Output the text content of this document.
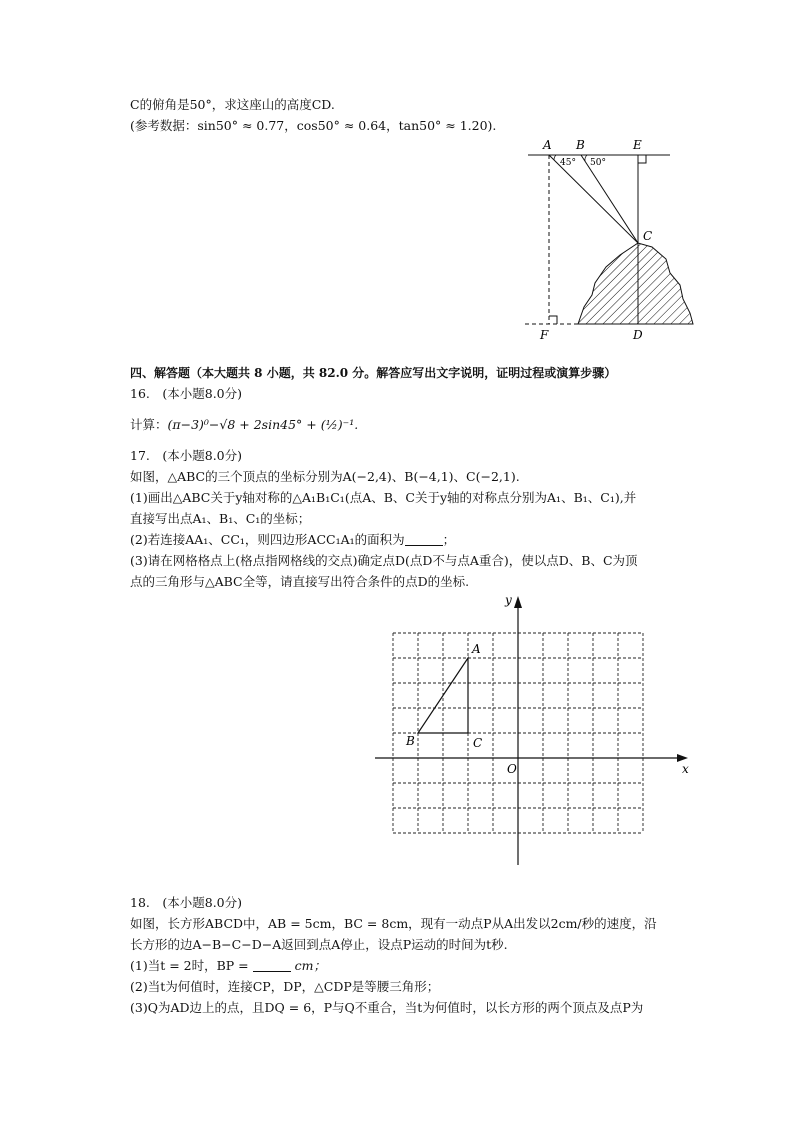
C的俯角是50°，求这座山的高度CD.
(参考数据：sin50° ≈ 0.77，cos50° ≈ 0.64，tan50° ≈ 1.20).
45° 50°
A B	E
C
F	D
四、解答题（本大题共 8 小题，共 82.0 分。解答应写出文字说明，证明过程或演算步骤）
16.　(本小题8.0分)
计算：(π−3)⁰−√8 + 2sin45° + (½)⁻¹.
17.　(本小题8.0分)
如图，△ABC的三个顶点的坐标分别为A(−2,4)、B(−4,1)、C(−2,1).
(1)画出△ABC关于y轴对称的△A₁B₁C₁(点A、B、C关于y轴的对称点分别为A₁、B₁、C₁),并
直接写出点A₁、B₁、C₁的坐标；
(2)若连接AA₁、CC₁，则四边形ACC₁A₁的面积为	；
(3)请在网格格点上(格点指网格线的交点)确定点D(点D不与点A重合)，使以点D、B、C为顶
点的三角形与△ABC全等，请直接写出符合条件的点D的坐标.
y
x
O
A
B	C
18.　(本小题8.0分)
如图，长方形ABCD中，AB = 5cm，BC = 8cm，现有一动点P从A出发以2cm/秒的速度，沿
长方形的边A−B−C−D−A返回到点A停止，设点P运动的时间为t秒.
(1)当t = 2时，BP =	cm；
(2)当t为何值时，连接CP，DP，△CDP是等腰三角形；
(3)Q为AD边上的点，且DQ = 6，P与Q不重合，当t为何值时，以长方形的两个顶点及点P为
